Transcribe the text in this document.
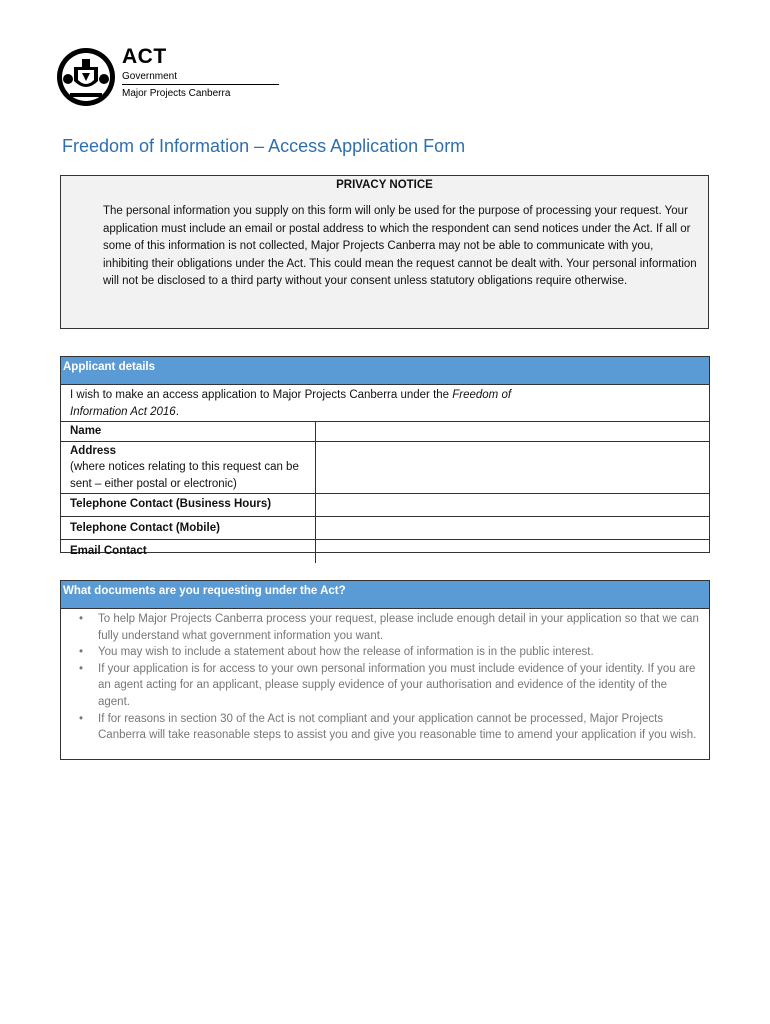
ACT
Government
Major Projects Canberra
Freedom of Information – Access Application Form
PRIVACY NOTICE
The personal information you supply on this form will only be used for the purpose of processing your request. Your application must include an email or postal address to which the respondent can send notices under the Act. If all or some of this information is not collected, Major Projects Canberra may not be able to communicate with you, inhibiting their obligations under the Act. This could mean the request cannot be dealt with. Your personal information will not be disclosed to a third party without your consent unless statutory obligations require otherwise.
Applicant details
I wish to make an access application to Major Projects Canberra under the Freedom of Information Act 2016.	
Name	
Address
(where notices relating to this request can be sent – either postal or electronic)	
Telephone Contact (Business Hours)	
Telephone Contact (Mobile)	
Email Contact	
What documents are you requesting under the Act?
• To help Major Projects Canberra process your request, please include enough detail in your application so that we can fully understand what government information you want.
• You may wish to include a statement about how the release of information is in the public interest.
• If your application is for access to your own personal information you must include evidence of your identity. If you are an agent acting for an applicant, please supply evidence of your authorisation and evidence of the identity of the agent.
• If for reasons in section 30 of the Act is not compliant and your application cannot be processed, Major Projects Canberra will take reasonable steps to assist you and give you reasonable time to amend your application if you wish.
